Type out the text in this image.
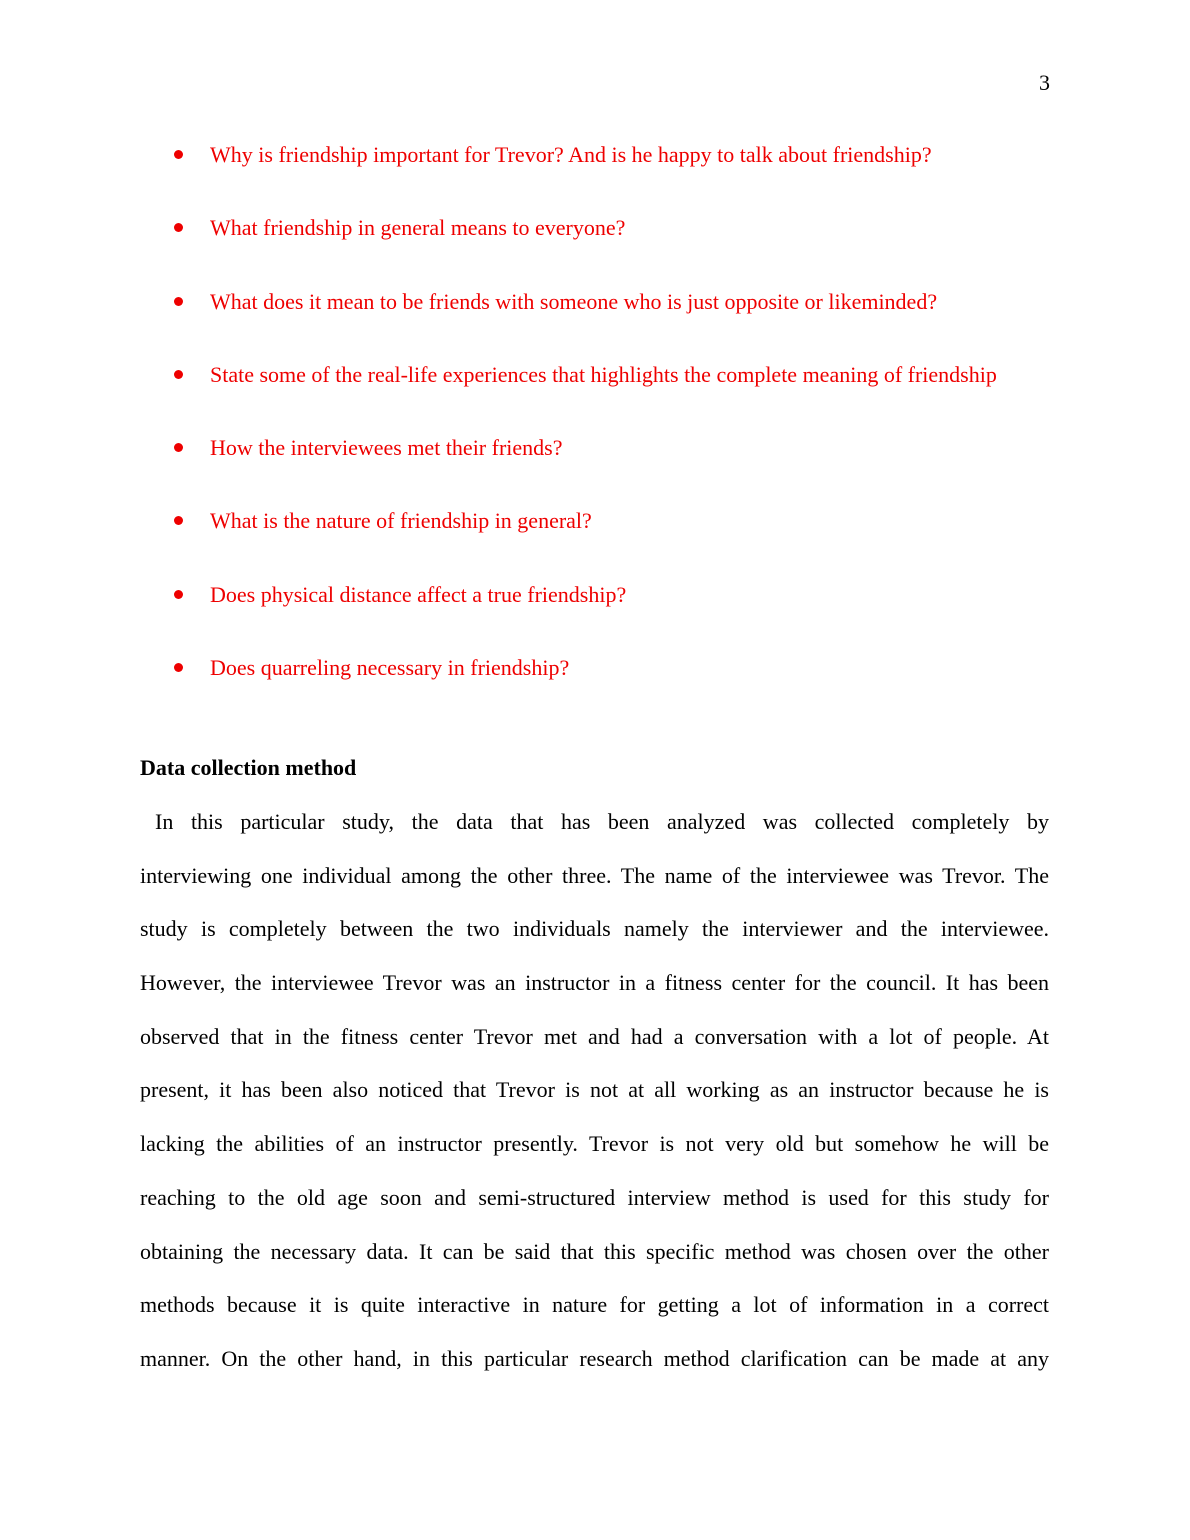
3
Why is friendship important for Trevor? And is he happy to talk about friendship?
What friendship in general means to everyone?
What does it mean to be friends with someone who is just opposite or likeminded?
State some of the real-life experiences that highlights the complete meaning of friendship
How the interviewees met their friends?
What is the nature of friendship in general?
Does physical distance affect a true friendship?
Does quarreling necessary in friendship?
Data collection method
In this particular study, the data that has been analyzed was collected completely by
interviewing one individual among the other three. The name of the interviewee was Trevor. The
study is completely between the two individuals namely the interviewer and the interviewee.
However, the interviewee Trevor was an instructor in a fitness center for the council. It has been
observed that in the fitness center Trevor met and had a conversation with a lot of people. At
present, it has been also noticed that Trevor is not at all working as an instructor because he is
lacking the abilities of an instructor presently. Trevor is not very old but somehow he will be
reaching to the old age soon and semi-structured interview method is used for this study for
obtaining the necessary data. It can be said that this specific method was chosen over the other
methods because it is quite interactive in nature for getting a lot of information in a correct
manner. On the other hand, in this particular research method clarification can be made at any
